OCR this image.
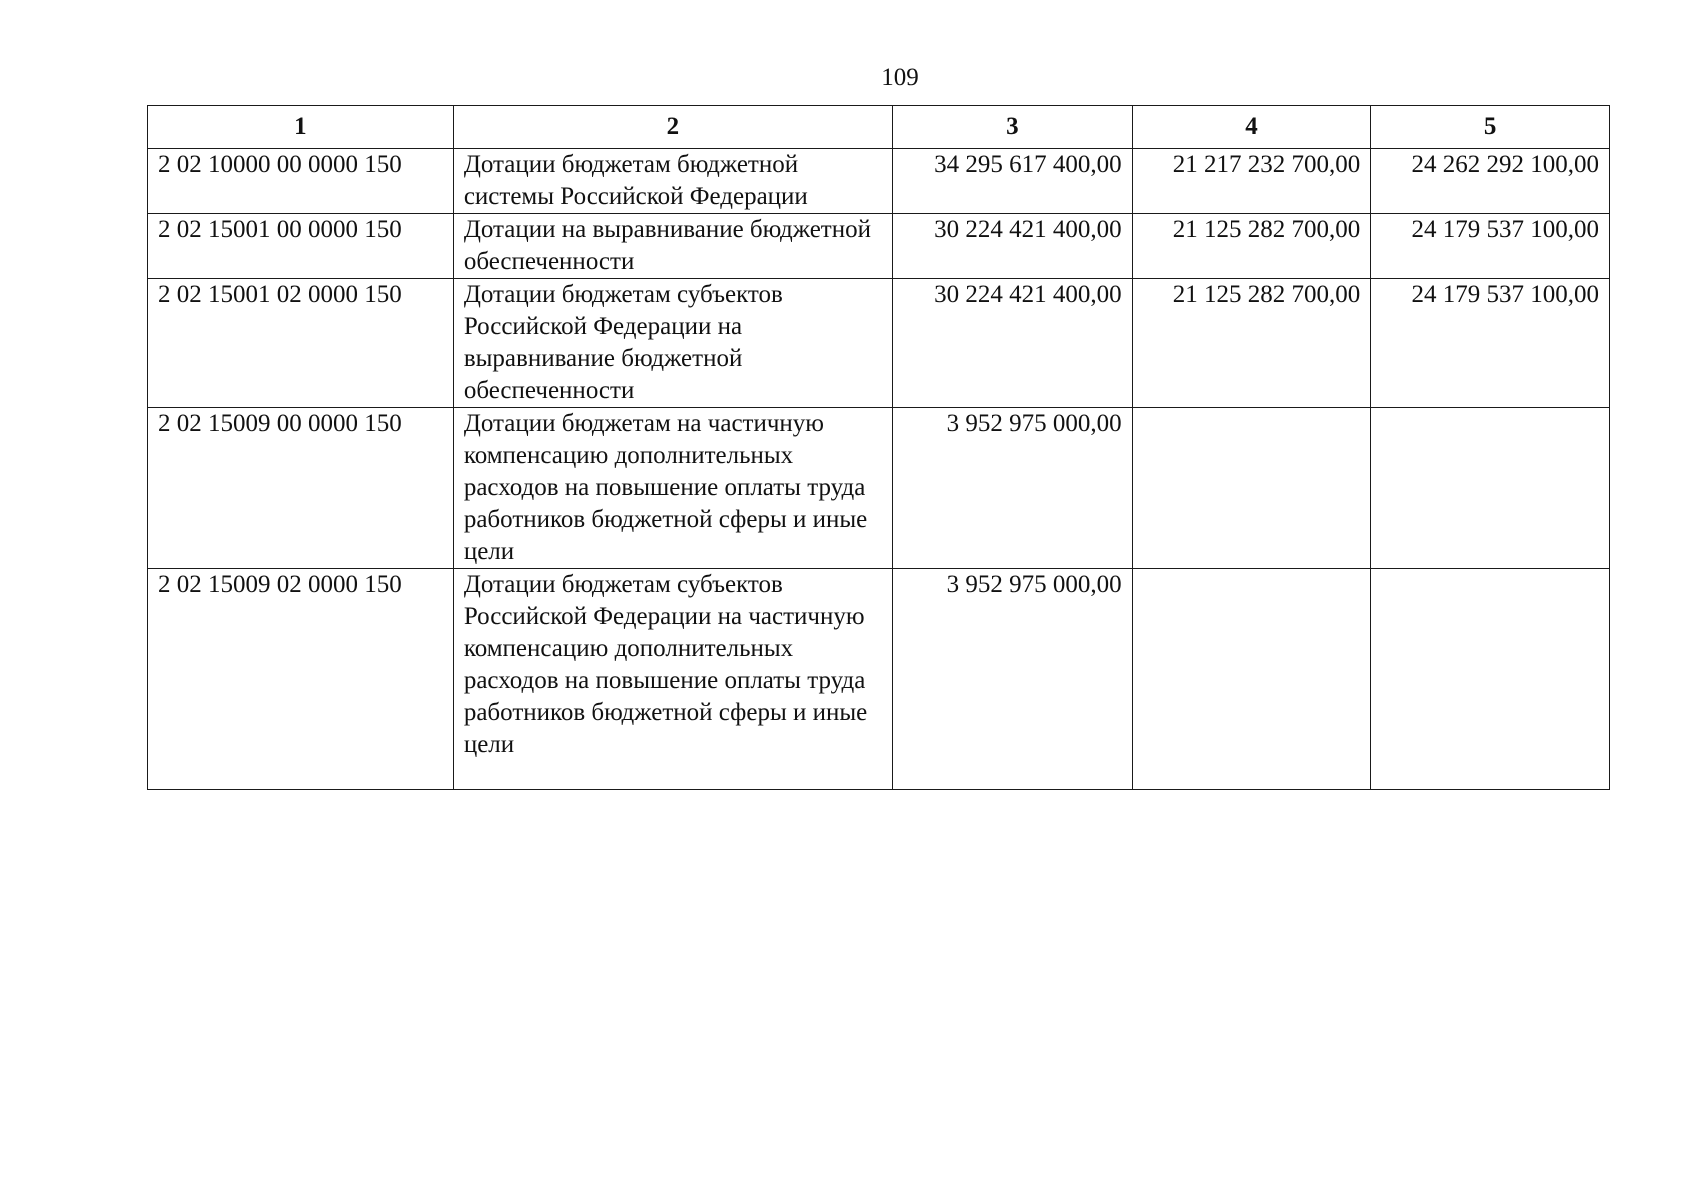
109
1	2	3	4	5
2 02 10000 00 0000 150	Дотации бюджетам бюджетной системы Российской Федерации	34 295 617 400,00	21 217 232 700,00	24 262 292 100,00
2 02 15001 00 0000 150	Дотации на выравнивание бюджетной обеспеченности	30 224 421 400,00	21 125 282 700,00	24 179 537 100,00
2 02 15001 02 0000 150	Дотации бюджетам субъектов Российской Федерации на выравнивание бюджетной обеспеченности	30 224 421 400,00	21 125 282 700,00	24 179 537 100,00
2 02 15009 00 0000 150	Дотации бюджетам на частичную компенсацию дополнительных расходов на повышение оплаты труда работников бюджетной сферы и иные цели	3 952 975 000,00		
2 02 15009 02 0000 150	Дотации бюджетам субъектов Российской Федерации на частичную компенсацию дополнительных расходов на повышение оплаты труда работников бюджетной сферы и иные цели	3 952 975 000,00		
